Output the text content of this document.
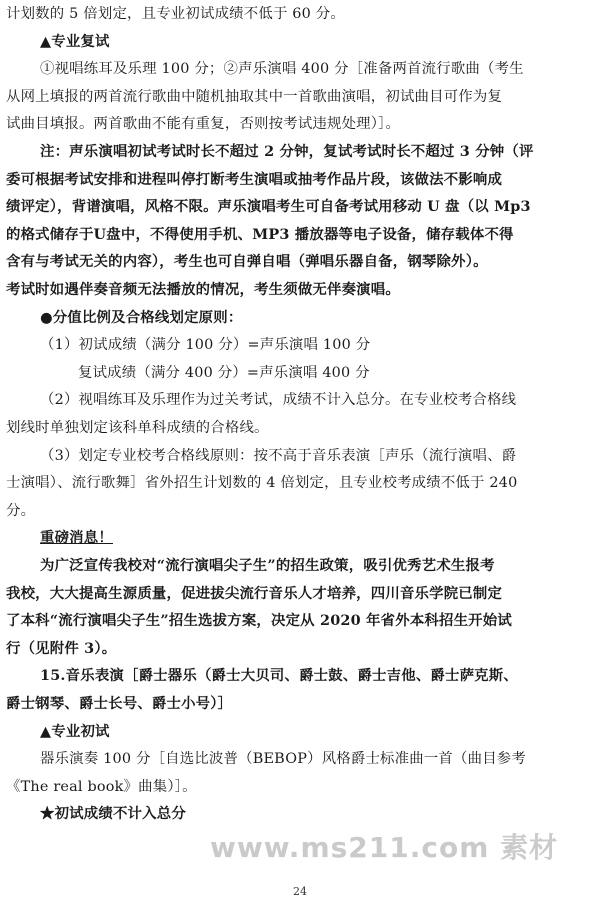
计划数的 5 倍划定，且专业初试成绩不低于 60 分。
▲专业复试
①视唱练耳及乐理 100 分；②声乐演唱 400 分［准备两首流行歌曲（考生
从网上填报的两首流行歌曲中随机抽取其中一首歌曲演唱，初试曲目可作为复
试曲目填报。两首歌曲不能有重复，否则按考试违规处理）］。
注：声乐演唱初试考试时长不超过 2 分钟，复试考试时长不超过 3 分钟（评
委可根据考试安排和进程叫停打断考生演唱或抽考作品片段，该做法不影响成
绩评定），背谱演唱，风格不限。声乐演唱考生可自备考试用移动 U 盘（以 Mp3
的格式储存于U盘中，不得使用手机、MP3 播放器等电子设备，储存载体不得
含有与考试无关的内容），考生也可自弹自唱（弹唱乐器自备，钢琴除外）。
考试时如遇伴奏音频无法播放的情况，考生须做无伴奏演唱。
●分值比例及合格线划定原则：
（1）初试成绩（满分 100 分）=声乐演唱 100 分
复试成绩（满分 400 分）=声乐演唱 400 分
（2）视唱练耳及乐理作为过关考试，成绩不计入总分。在专业校考合格线
划线时单独划定该科单科成绩的合格线。
（3）划定专业校考合格线原则：按不高于音乐表演［声乐（流行演唱、爵
士演唱）、流行歌舞］省外招生计划数的 4 倍划定，且专业校考成绩不低于 240
分。
重磅消息！
为广泛宣传我校对“流行演唱尖子生”的招生政策，吸引优秀艺术生报考
我校，大大提高生源质量，促进拔尖流行音乐人才培养，四川音乐学院已制定
了本科“流行演唱尖子生”招生选拔方案，决定从 2020 年省外本科招生开始试
行（见附件 3）。
15.音乐表演［爵士器乐（爵士大贝司、爵士鼓、爵士吉他、爵士萨克斯、
爵士钢琴、爵士长号、爵士小号）］
▲专业初试
器乐演奏 100 分［自选比波普（BEBOP）风格爵士标准曲一首（曲目参考
《The real book》曲集）］。
★初试成绩不计入总分
www.ms211.com 素材
24
